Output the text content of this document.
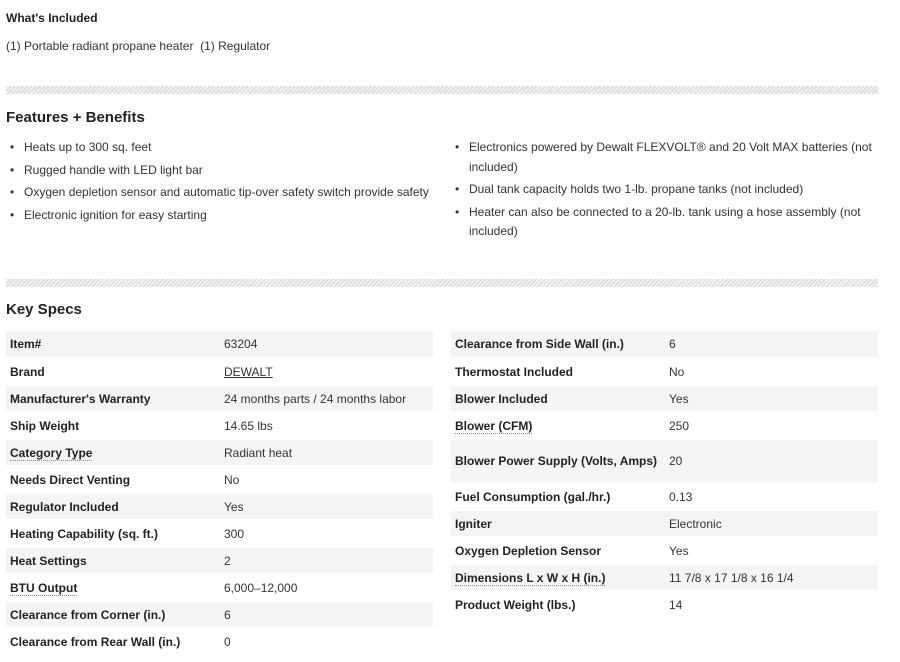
What's Included
(1) Portable radiant propane heater  (1) Regulator
Features + Benefits
• Heats up to 300 sq. feet
• Rugged handle with LED light bar
• Oxygen depletion sensor and automatic tip-over safety switch provide safety
• Electronic ignition for easy starting
• Electronics powered by Dewalt FLEXVOLT® and 20 Volt MAX batteries (not included)
• Dual tank capacity holds two 1-lb. propane tanks (not included)
• Heater can also be connected to a 20-lb. tank using a hose assembly (not included)
Key Specs
Item#	63204
Brand	DEWALT
Manufacturer's Warranty	24 months parts / 24 months labor
Ship Weight	14.65 lbs
Category Type	Radiant heat
Needs Direct Venting	No
Regulator Included	Yes
Heating Capability (sq. ft.)	300
Heat Settings	2
BTU Output	6,000–12,000
Clearance from Corner (in.)	6
Clearance from Rear Wall (in.)	0
Clearance from Side Wall (in.)	6
Thermostat Included	No
Blower Included	Yes
Blower (CFM)	250
Blower Power Supply (Volts, Amps)	20
Fuel Consumption (gal./hr.)	0.13
Igniter	Electronic
Oxygen Depletion Sensor	Yes
Dimensions L x W x H (in.)	11 7/8 x 17 1/8 x 16 1/4
Product Weight (lbs.)	14
